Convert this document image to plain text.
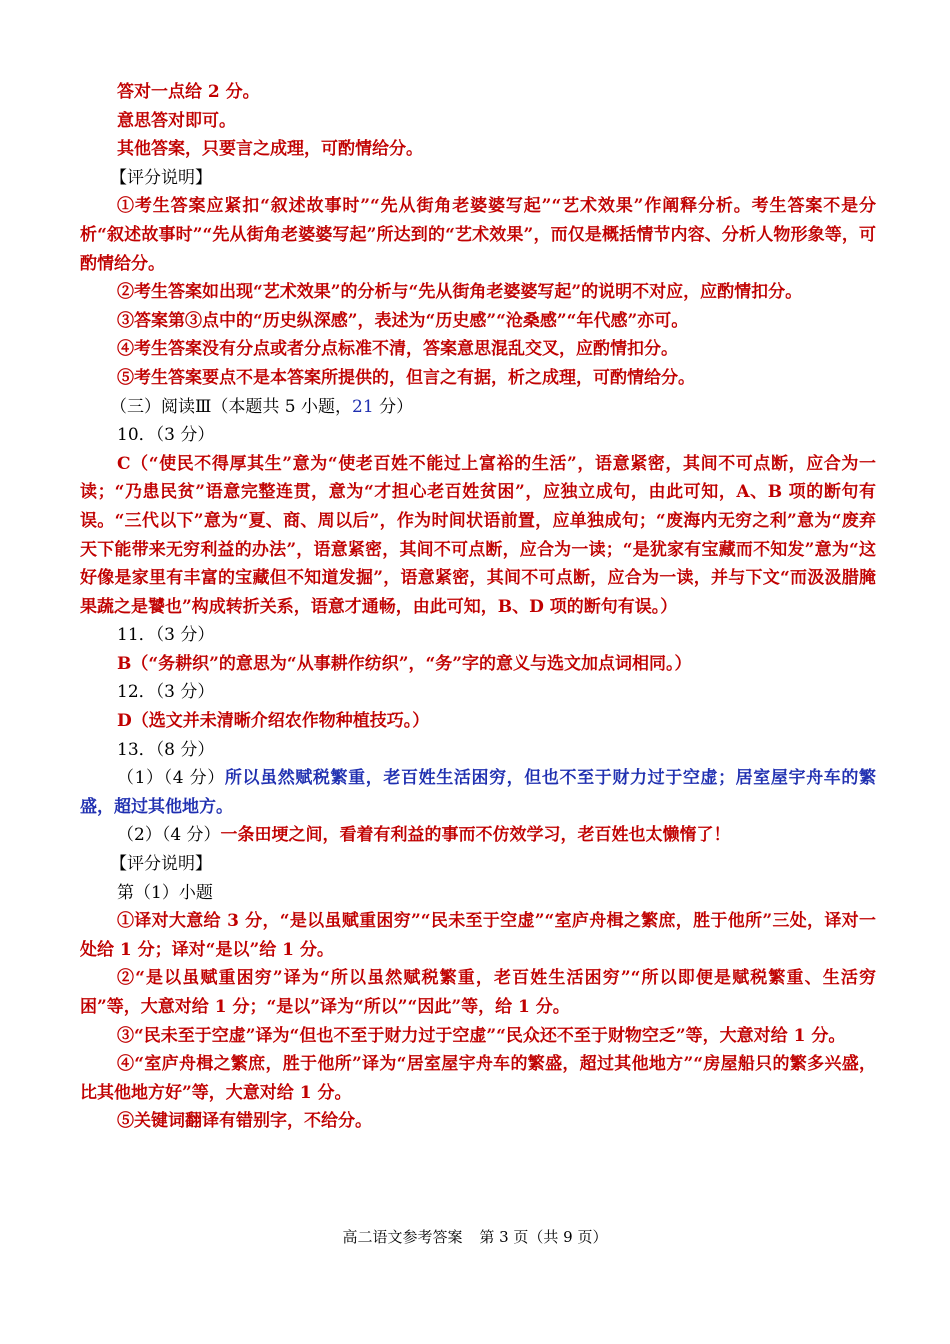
答对一点给 2 分。

意思答对即可。

其他答案，只要言之成理，可酌情给分。

【评分说明】

①考生答案应紧扣“叙述故事时”“先从街角老婆婆写起”“艺术效果”作阐释分析。考生答案不是分析“叙述故事时”“先从街角老婆婆写起”所达到的“艺术效果”，而仅是概括情节内容、分析人物形象等，可酌情给分。

②考生答案如出现“艺术效果”的分析与“先从街角老婆婆写起”的说明不对应，应酌情扣分。

③答案第③点中的“历史纵深感”，表述为“历史感”“沧桑感”“年代感”亦可。

④考生答案没有分点或者分点标准不清，答案意思混乱交叉，应酌情扣分。

⑤考生答案要点不是本答案所提供的，但言之有据，析之成理，可酌情给分。

（三）阅读Ⅲ（本题共 5 小题，21 分）

10．（3 分）

C（“使民不得厚其生”意为“使老百姓不能过上富裕的生活”，语意紧密，其间不可点断，应合为一读；“乃患民贫”语意完整连贯，意为“才担心老百姓贫困”，应独立成句，由此可知，A、B 项的断句有误。“三代以下”意为“夏、商、周以后”，作为时间状语前置，应单独成句；“废海内无穷之利”意为“废弃天下能带来无穷利益的办法”，语意紧密，其间不可点断，应合为一读；“是犹家有宝藏而不知发”意为“这好像是家里有丰富的宝藏但不知道发掘”，语意紧密，其间不可点断，应合为一读，并与下文“而汲汲腊腌果蔬之是饕也”构成转折关系，语意才通畅，由此可知，B、D 项的断句有误。）

11．（3 分）

B（“务耕织”的意思为“从事耕作纺织”，“务”字的意义与选文加点词相同。）

12．（3 分）

D（选文并未清晰介绍农作物种植技巧。）

13．（8 分）

（1）（4 分）所以虽然赋税繁重，老百姓生活困穷，但也不至于财力过于空虚；居室屋宇舟车的繁盛，超过其他地方。

（2）（4 分）一条田埂之间，看着有利益的事而不仿效学习，老百姓也太懒惰了！

【评分说明】

第（1）小题

①译对大意给 3 分，“是以虽赋重困穷”“民未至于空虚”“室庐舟楫之繁庶，胜于他所”三处，译对一处给 1 分；译对“是以”给 1 分。

②“是以虽赋重困穷”译为“所以虽然赋税繁重，老百姓生活困穷”“所以即便是赋税繁重、生活穷困”等，大意对给 1 分；“是以”译为“所以”“因此”等，给 1 分。

③“民未至于空虚”译为“但也不至于财力过于空虚”“民众还不至于财物空乏”等，大意对给 1 分。

④“室庐舟楫之繁庶，胜于他所”译为“居室屋宇舟车的繁盛，超过其他地方”“房屋船只的繁多兴盛，比其他地方好”等，大意对给 1 分。

⑤关键词翻译有错别字，不给分。

高二语文参考答案 第 3 页（共 9 页）
